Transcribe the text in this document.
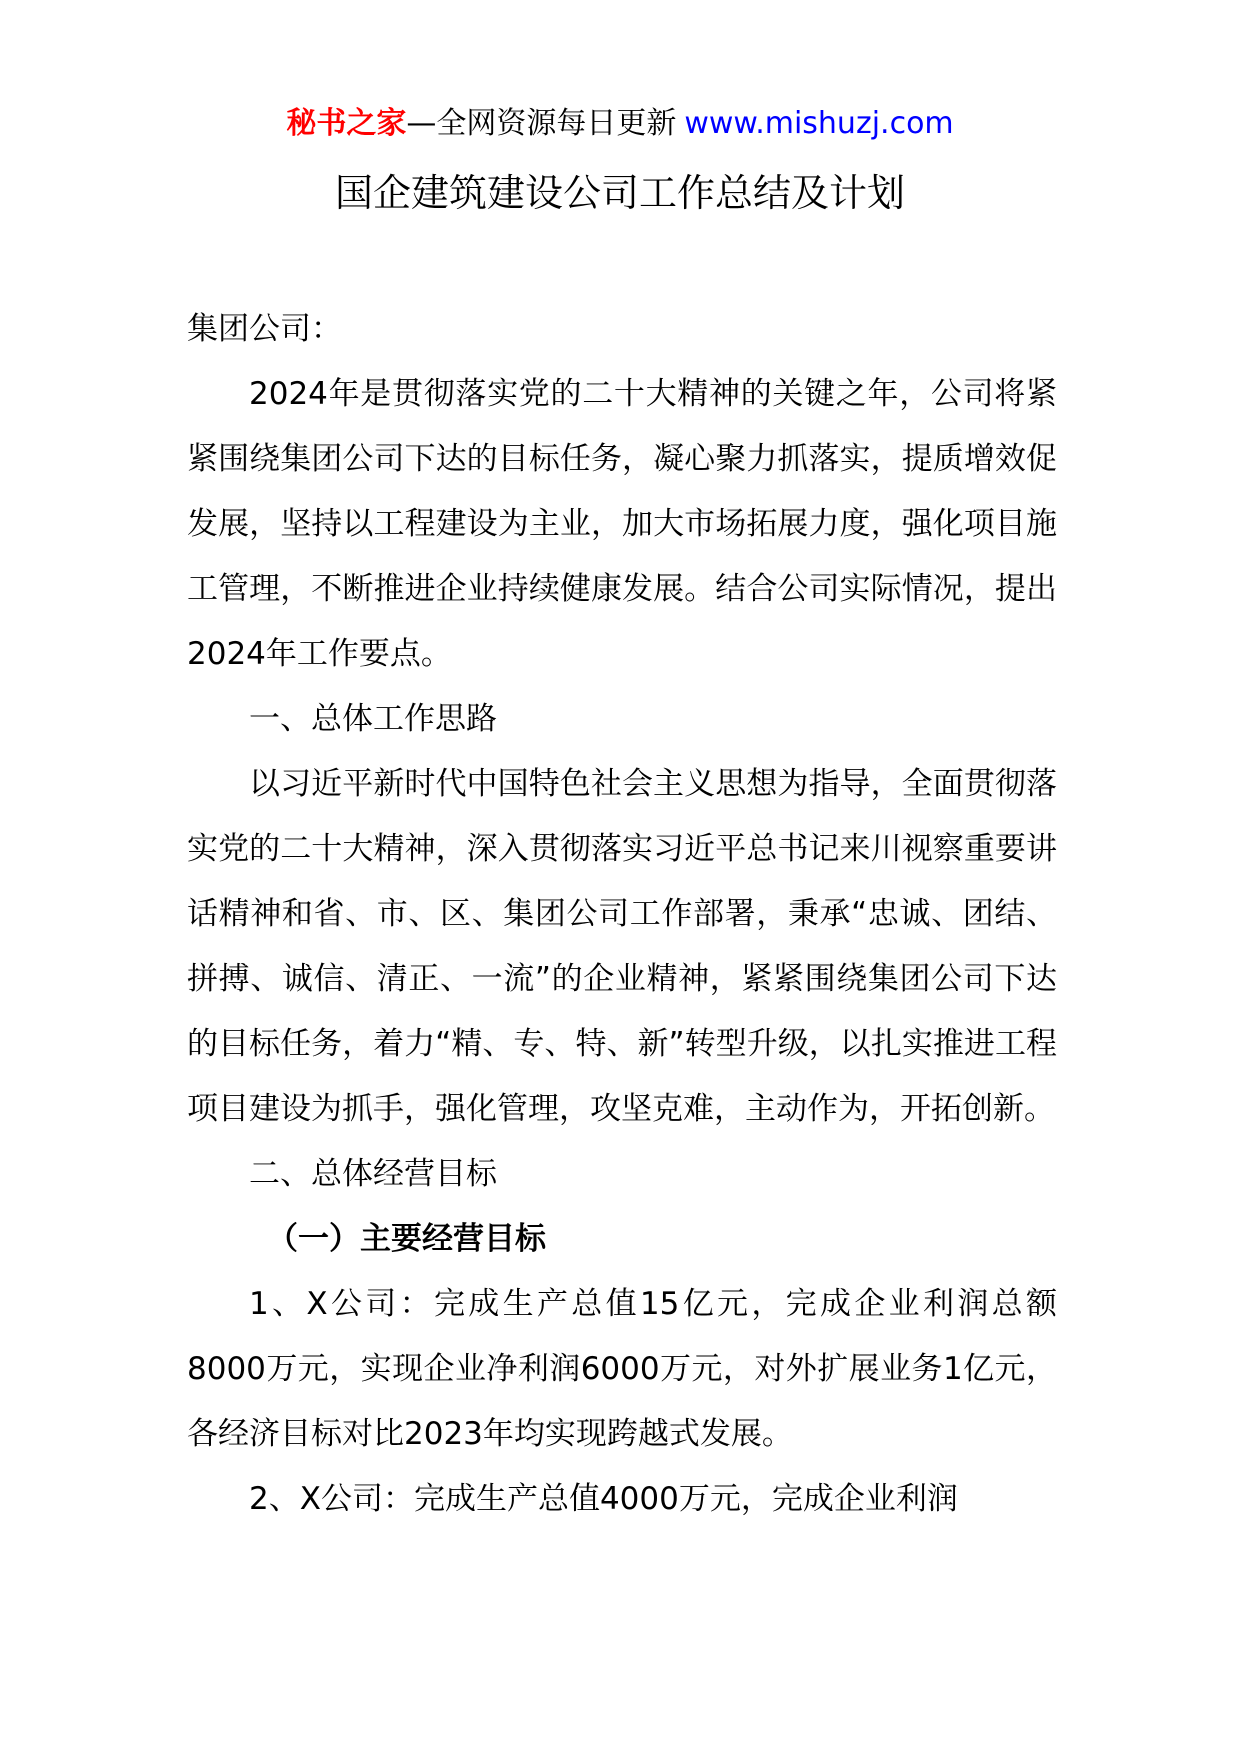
秘书之家—全网资源每日更新 www.mishuzj.com
国企建筑建设公司工作总结及计划

集团公司：

2024年是贯彻落实党的二十大精神的关键之年，公司将紧紧围绕集团公司下达的目标任务，凝心聚力抓落实，提质增效促发展，坚持以工程建设为主业，加大市场拓展力度，强化项目施工管理，不断推进企业持续健康发展。结合公司实际情况，提出2024年工作要点。

一、总体工作思路

以习近平新时代中国特色社会主义思想为指导，全面贯彻落实党的二十大精神，深入贯彻落实习近平总书记来川视察重要讲话精神和省、市、区、集团公司工作部署，秉承“忠诚、团结、拼搏、诚信、清正、一流”的企业精神，紧紧围绕集团公司下达的目标任务，着力“精、专、特、新”转型升级，以扎实推进工程项目建设为抓手，强化管理，攻坚克难，主动作为，开拓创新。

二、总体经营目标

（一）主要经营目标

1、X公司：完成生产总值15亿元，完成企业利润总额8000万元，实现企业净利润6000万元，对外扩展业务1亿元，各经济目标对比2023年均实现跨越式发展。

2、X公司：完成生产总值4000万元，完成企业利润
